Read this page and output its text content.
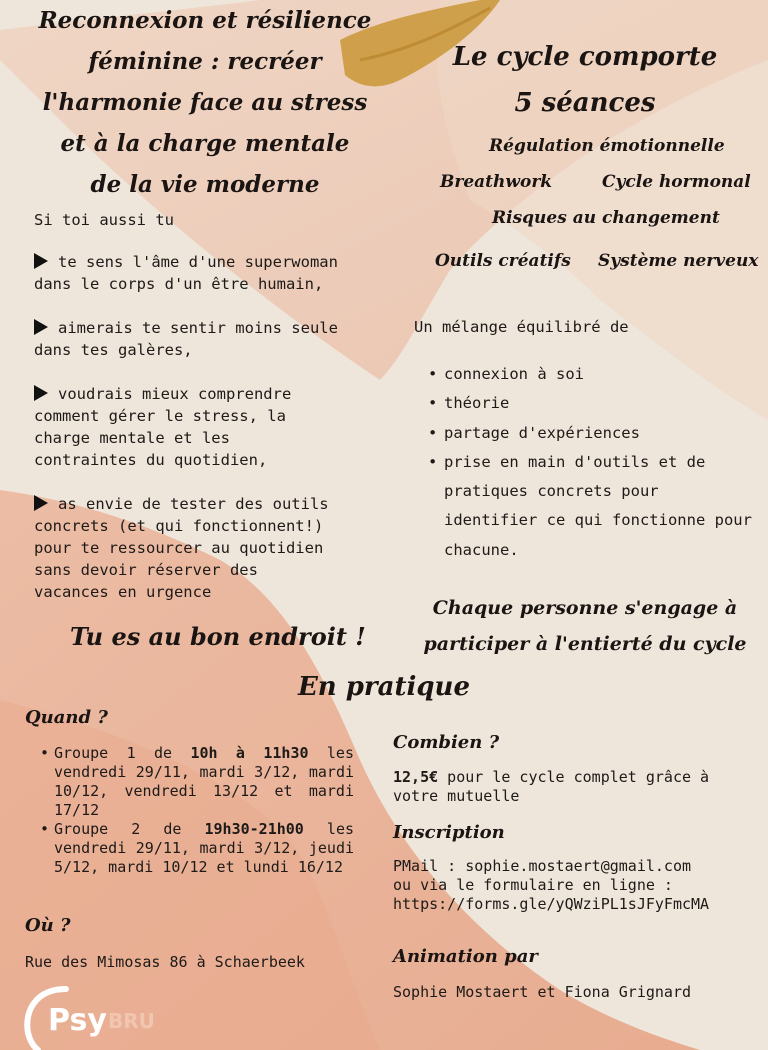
Reconnexion et résilience
féminine : recréer
l'harmonie face au stress
et à la charge mentale
de la vie moderne
Le cycle comporte
5 séances
Régulation émotionnelle
Breathwork	Cycle hormonal
Risques au changement
Outils créatifs Système nerveux
Si toi aussi tu
te sens l'âme d'une superwoman
dans le corps d'un être humain,
aimerais te sentir moins seule
dans tes galères,
voudrais mieux comprendre
comment gérer le stress, la
charge mentale et les
contraintes du quotidien,
as envie de tester des outils
concrets (et qui fonctionnent!)
pour te ressourcer au quotidien
sans devoir réserver des
vacances en urgence
Un mélange équilibré de
• connexion à soi
• théorie
• partage d'expériences
• prise en main d'outils et de pratiques concrets pour identifier ce qui fonctionne pour chacune.
Chaque personne s'engage à
participer à l'entierté du cycle
Tu es au bon endroit !
En pratique
Quand ?
• Groupe 1 de 10h à 11h30 les vendredi 29/11, mardi 3/12, mardi 10/12, vendredi 13/12 et mardi 17/12
• Groupe 2 de 19h30-21h00 les vendredi 29/11, mardi 3/12, jeudi 5/12, mardi 10/12 et lundi 16/12
Où ?
Rue des Mimosas 86 à Schaerbeek
Combien ?
12,5€ pour le cycle complet grâce à
votre mutuelle
Inscription
PMail : sophie.mostaert@gmail.com
ou via le formulaire en ligne :
https://forms.gle/yQWziPL1sJFyFmcMA
Animation par
Sophie Mostaert et Fiona Grignard
Psy BRU
